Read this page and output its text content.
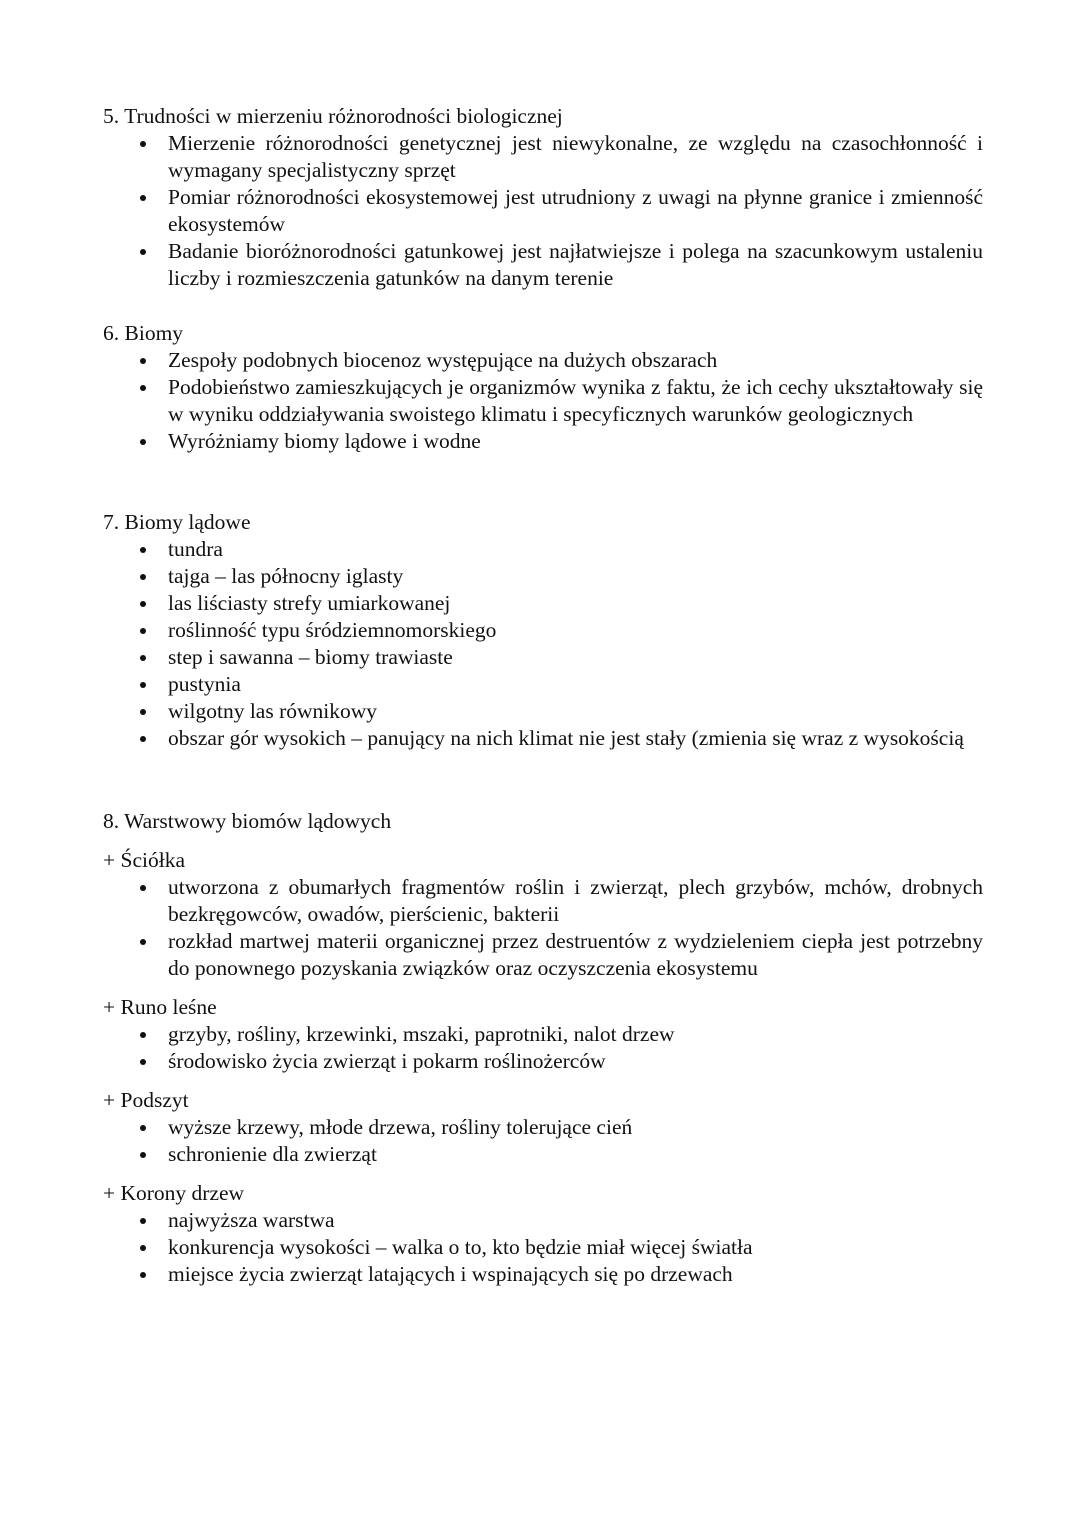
5. Trudności w mierzeniu różnorodności biologicznej

Mierzenie różnorodności genetycznej jest niewykonalne, ze względu na czasochłonność i wymagany specjalistyczny sprzęt
Pomiar różnorodności ekosystemowej jest utrudniony z uwagi na płynne granice i zmienność ekosystemów
Badanie bioróżnorodności gatunkowej jest najłatwiejsze i polega na szacunkowym ustaleniu liczby i rozmieszczenia gatunków na danym terenie

6. Biomy

Zespoły podobnych biocenoz występujące na dużych obszarach
Podobieństwo zamieszkujących je organizmów wynika z faktu, że ich cechy ukształtowały się w wyniku oddziaływania swoistego klimatu i specyficznych warunków geologicznych
Wyróżniamy biomy lądowe i wodne

7. Biomy lądowe

tundra
tajga – las północny iglasty
las liściasty strefy umiarkowanej
roślinność typu śródziemnomorskiego
step i sawanna – biomy trawiaste
pustynia
wilgotny las równikowy
obszar gór wysokich – panujący na nich klimat nie jest stały (zmienia się wraz z wysokością

8. Warstwowy biomów lądowych

+ Ściółka

utworzona z obumarłych fragmentów roślin i zwierząt, plech grzybów, mchów, drobnych bezkręgowców, owadów, pierścienic, bakterii
rozkład martwej materii organicznej przez destruentów z wydzieleniem ciepła jest potrzebny do ponownego pozyskania związków oraz oczyszczenia ekosystemu

+ Runo leśne

grzyby, rośliny, krzewinki, mszaki, paprotniki, nalot drzew
środowisko życia zwierząt i pokarm roślinożerców

+ Podszyt

wyższe krzewy, młode drzewa, rośliny tolerujące cień
schronienie dla zwierząt

+ Korony drzew

najwyższa warstwa
konkurencja wysokości – walka o to, kto będzie miał więcej światła
miejsce życia zwierząt latających i wspinających się po drzewach
